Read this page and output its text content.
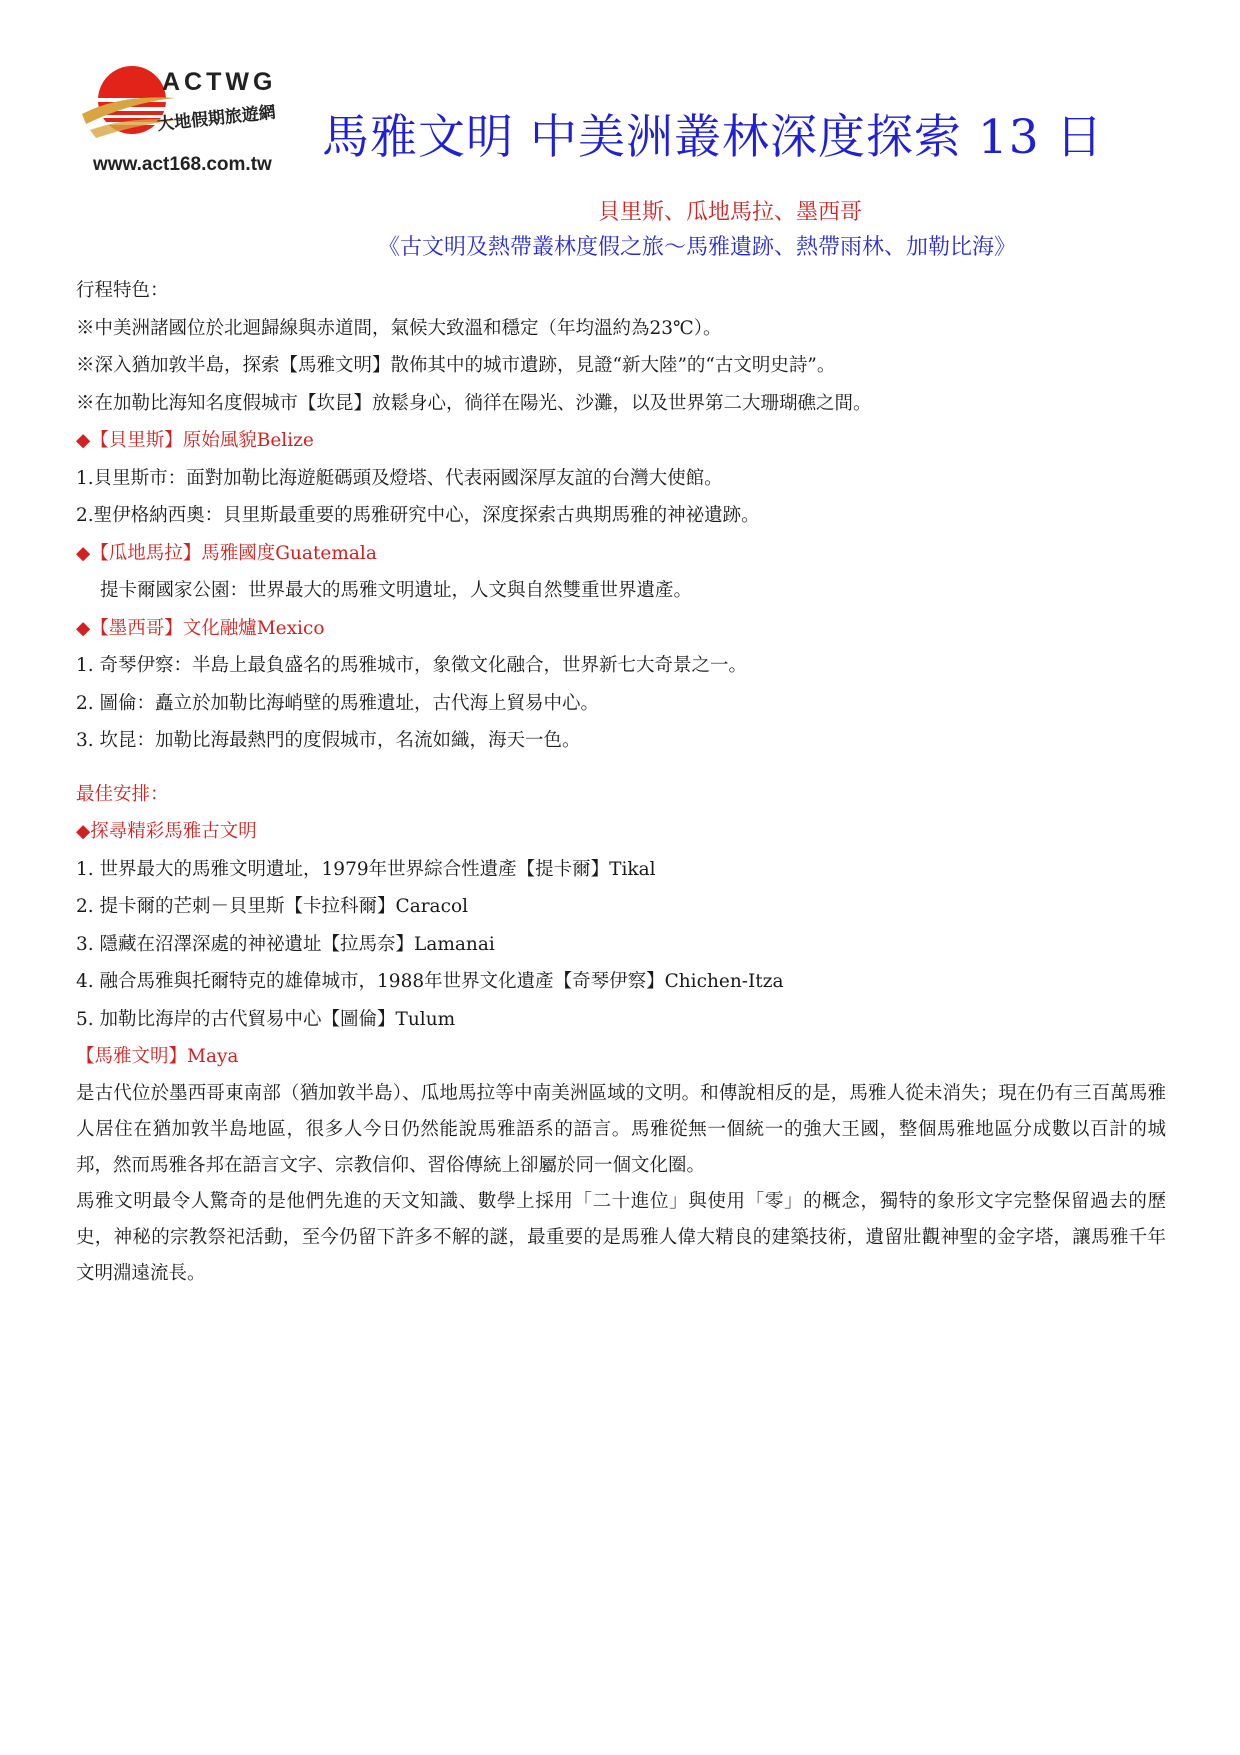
ACTWG
大地假期旅遊網
www.act168.com.tw 馬雅文明 中美洲叢林深度探索 13 日
貝里斯、瓜地馬拉、墨西哥
《古文明及熱帶叢林度假之旅～馬雅遺跡、熱帶雨林、加勒比海》
行程特色：
※中美洲諸國位於北迴歸線與赤道間，氣候大致溫和穩定（年均溫約為23℃）。
※深入猶加敦半島，探索【馬雅文明】散佈其中的城市遺跡，見證“新大陸”的“古文明史詩”。
※在加勒比海知名度假城市【坎昆】放鬆身心，徜徉在陽光、沙灘，以及世界第二大珊瑚礁之間。
◆【貝里斯】原始風貌Belize
1.貝里斯市：面對加勒比海遊艇碼頭及燈塔、代表兩國深厚友誼的台灣大使館。
2.聖伊格納西奧：貝里斯最重要的馬雅研究中心，深度探索古典期馬雅的神祕遺跡。
◆【瓜地馬拉】馬雅國度Guatemala
提卡爾國家公園：世界最大的馬雅文明遺址，人文與自然雙重世界遺產。
◆【墨西哥】文化融爐Mexico
1. 奇琴伊察：半島上最負盛名的馬雅城市，象徵文化融合，世界新七大奇景之一。
2. 圖倫：矗立於加勒比海峭壁的馬雅遺址，古代海上貿易中心。
3. 坎昆：加勒比海最熱門的度假城市，名流如織，海天一色。
最佳安排：
◆探尋精彩馬雅古文明
1. 世界最大的馬雅文明遺址，1979年世界綜合性遺產【提卡爾】Tikal
2. 提卡爾的芒刺－貝里斯【卡拉科爾】Caracol
3. 隱藏在沼澤深處的神祕遺址【拉馬奈】Lamanai
4. 融合馬雅與托爾特克的雄偉城市，1988年世界文化遺產【奇琴伊察】Chichen-Itza
5. 加勒比海岸的古代貿易中心【圖倫】Tulum
【馬雅文明】Maya
是古代位於墨西哥東南部（猶加敦半島）、瓜地馬拉等中南美洲區域的文明。和傳說相反的是，馬雅人從未消失；現在仍有三百萬馬雅人居住在猶加敦半島地區，很多人今日仍然能說馬雅語系的語言。馬雅從無一個統一的強大王國，整個馬雅地區分成數以百計的城邦，然而馬雅各邦在語言文字、宗教信仰、習俗傳統上卻屬於同一個文化圈。
馬雅文明最令人驚奇的是他們先進的天文知識、數學上採用「二十進位」與使用「零」的概念，獨特的象形文字完整保留過去的歷史，神秘的宗教祭祀活動，至今仍留下許多不解的謎，最重要的是馬雅人偉大精良的建築技術，遺留壯觀神聖的金字塔，讓馬雅千年文明淵遠流長。
